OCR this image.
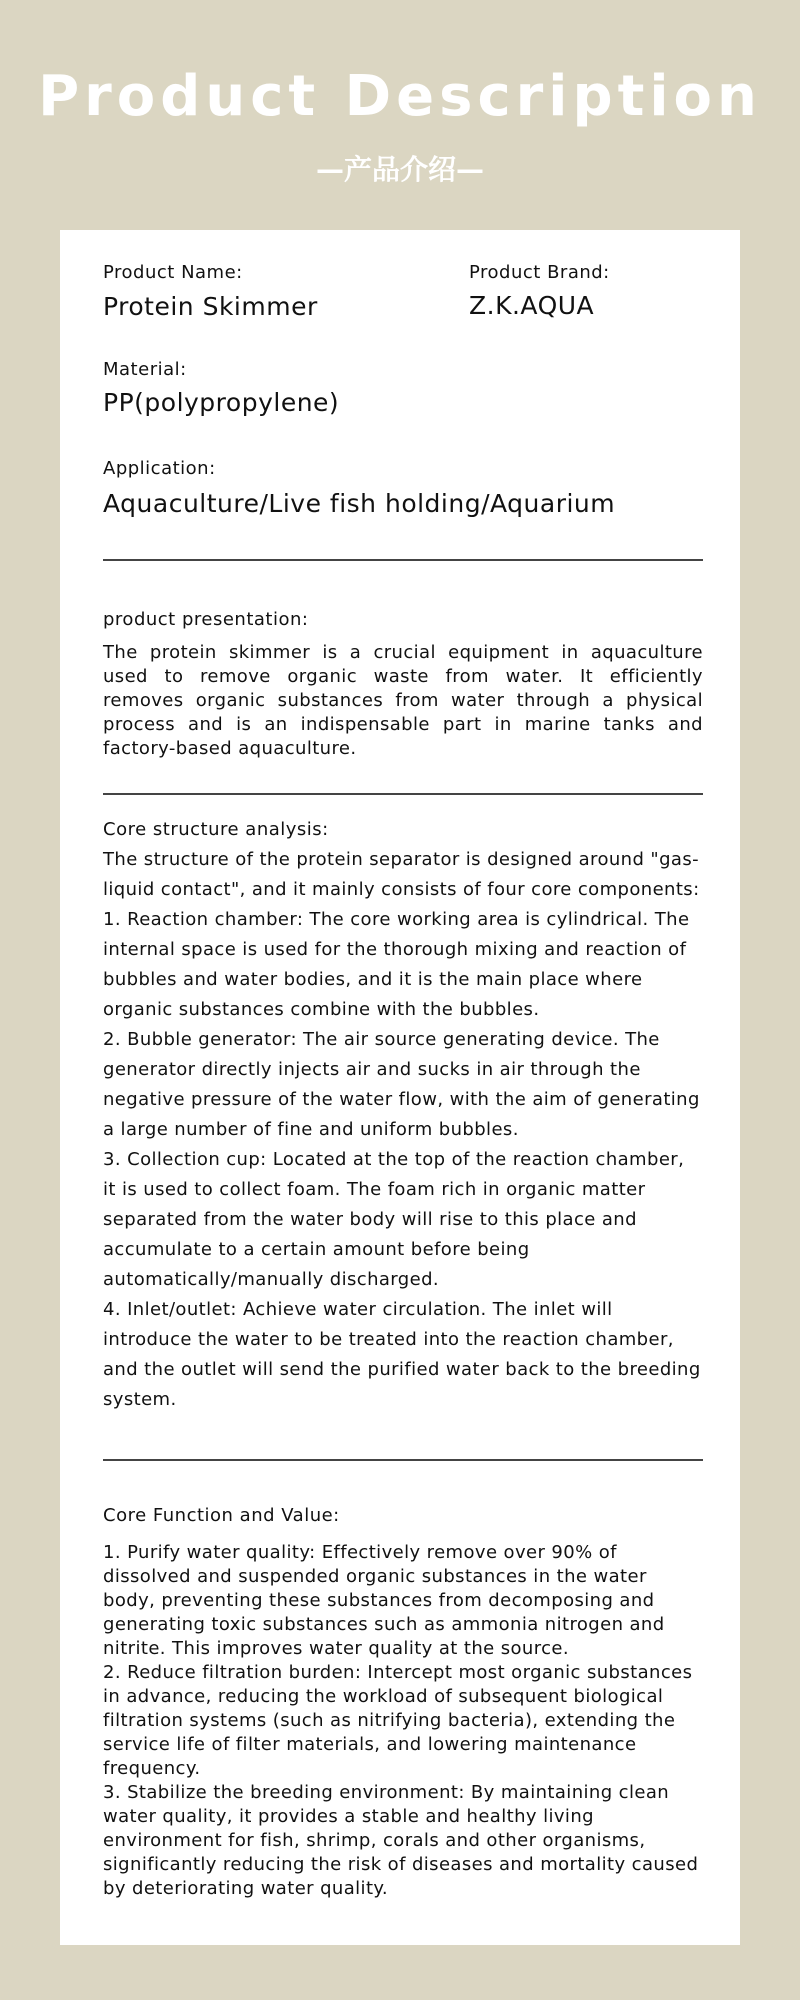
Product Description
—产品介绍—
Product Name:
Protein Skimmer
Product Brand:
Z.K.AQUA
Material:
PP(polypropylene)
Application:
Aquaculture/Live fish holding/Aquarium
product presentation:
The protein skimmer is a crucial equipment in aquaculture used to remove organic waste from water. It efficiently removes organic substances from water through a physical process and is an indispensable part in marine tanks and factory-based aquaculture.
Core structure analysis:

The structure of the protein separator is designed around "gas-liquid contact", and it mainly consists of four core components:

1. Reaction chamber: The core working area is cylindrical. The internal space is used for the thorough mixing and reaction of bubbles and water bodies, and it is the main place where organic substances combine with the bubbles.

2. Bubble generator: The air source generating device. The generator directly injects air and sucks in air through the negative pressure of the water flow, with the aim of generating a large number of fine and uniform bubbles.

3. Collection cup: Located at the top of the reaction chamber, it is used to collect foam. The foam rich in organic matter separated from the water body will rise to this place and accumulate to a certain amount before being automatically/manually discharged.

4. Inlet/outlet: Achieve water circulation. The inlet will introduce the water to be treated into the reaction chamber, and the outlet will send the purified water back to the breeding system.

Core Function and Value:

1. Purify water quality: Effectively remove over 90% of dissolved and suspended organic substances in the water body, preventing these substances from decomposing and generating toxic substances such as ammonia nitrogen and nitrite. This improves water quality at the source.

2. Reduce filtration burden: Intercept most organic substances in advance, reducing the workload of subsequent biological filtration systems (such as nitrifying bacteria), extending the service life of filter materials, and lowering maintenance frequency.

3. Stabilize the breeding environment: By maintaining clean water quality, it provides a stable and healthy living environment for fish, shrimp, corals and other organisms, significantly reducing the risk of diseases and mortality caused by deteriorating water quality.
